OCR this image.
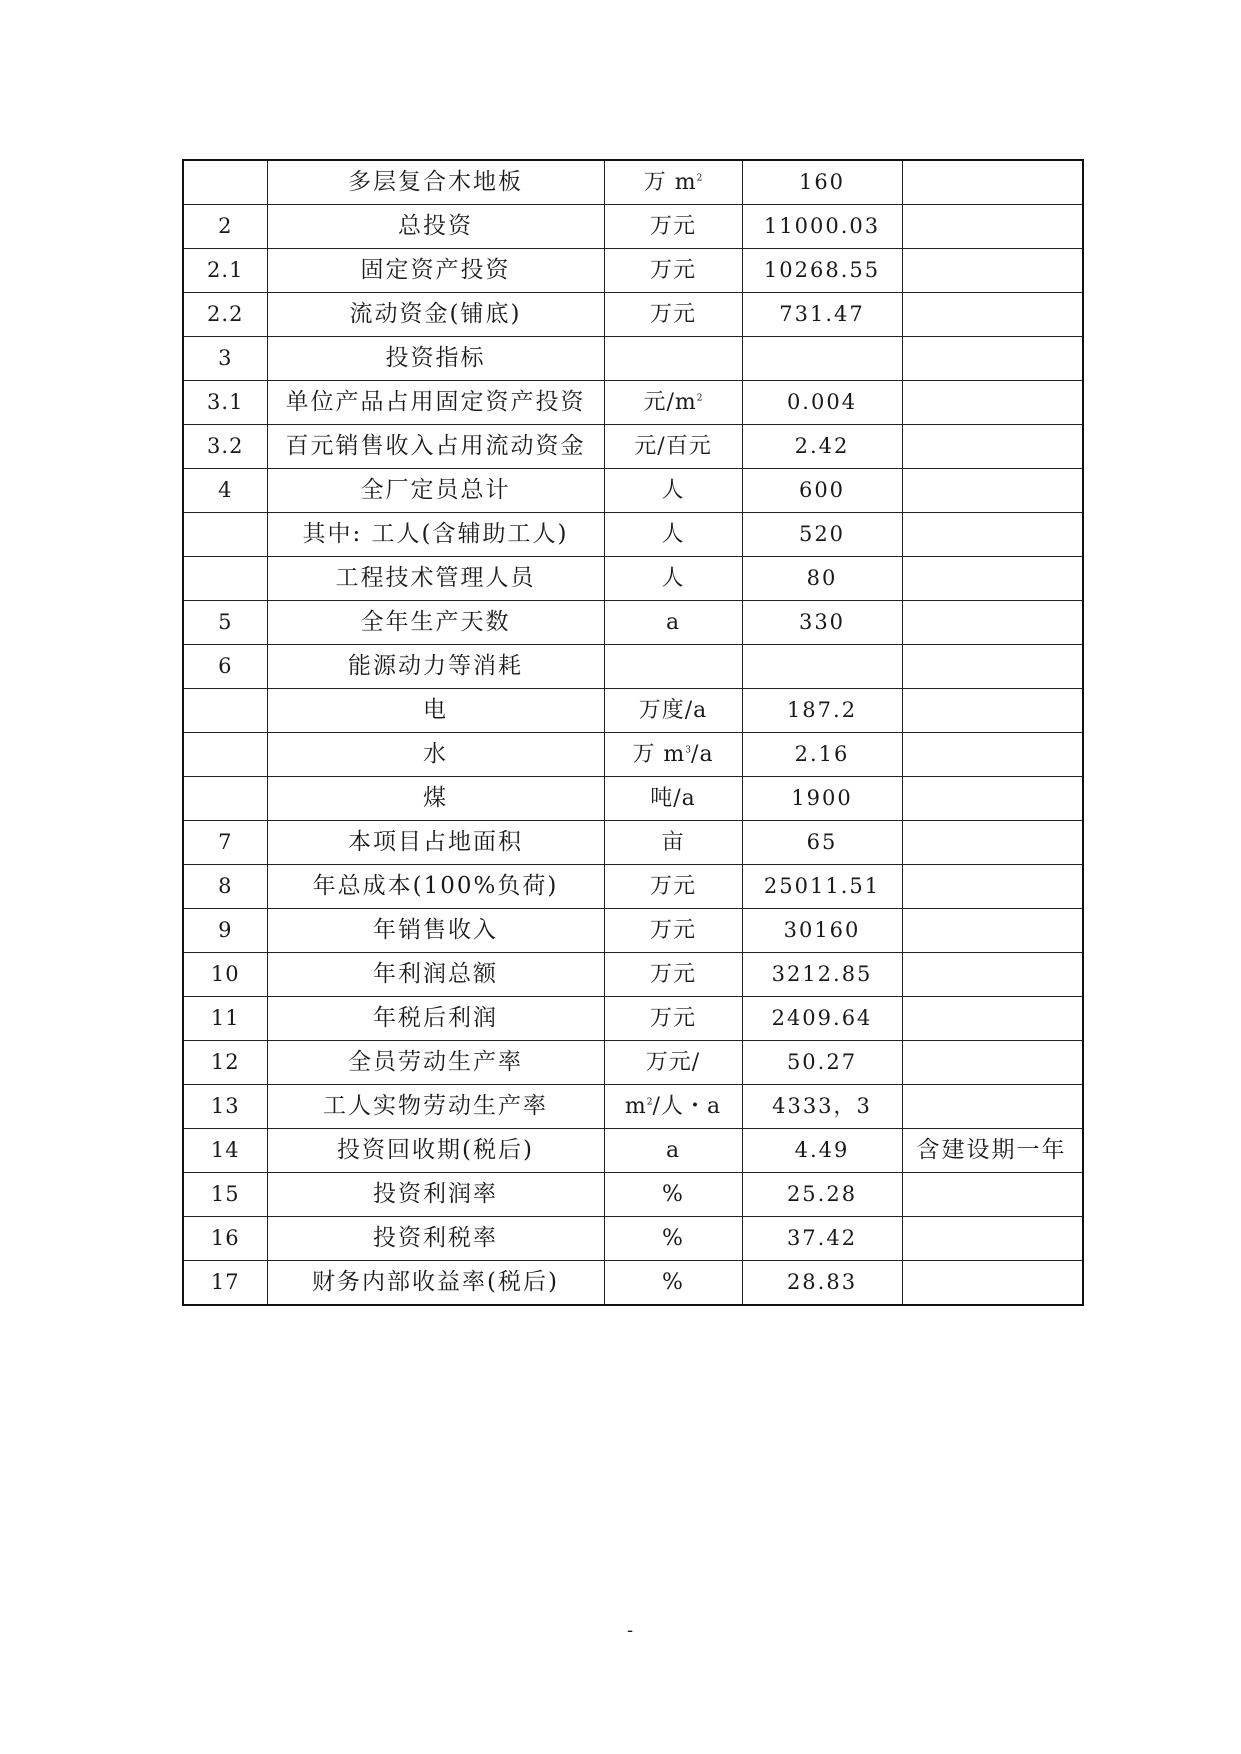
	多层复合木地板	万 $m^2$	160	
2	总投资	万元	11000.03	
2.1	固定资产投资	万元	10268.55	
2.2	流动资金(铺底)	万元	731.47	
3	投资指标			
3.1	单位产品占用固定资产投资	元$/m^2$	0.004	
3.2	百元销售收入占用流动资金	元/百元	2.42	
4	全厂定员总计	人	600	
	其中: 工人(含辅助工人)	人	520	
	工程技术管理人员	人	80	
5	全年生产天数	a	330	
6	能源动力等消耗			
	电	万度/a	187.2	
	水	万 $m^3/a$	2.16	
	煤	吨/a	1900	
7	本项目占地面积	亩	65	
8	年总成本(100%负荷)	万元	25011.51	
9	年销售收入	万元	30160	
10	年利润总额	万元	3212.85	
11	年税后利润	万元	2409.64	
12	全员劳动生产率	万元/	50.27	
13	工人实物劳动生产率	$m^2/$人・a	4333，3	
14	投资回收期(税后)	a	4.49	含建设期一年
15	投资利润率	%	25.28	
16	投资利税率	%	37.42	
17	财务内部收益率(税后)	%	28.83	
-
